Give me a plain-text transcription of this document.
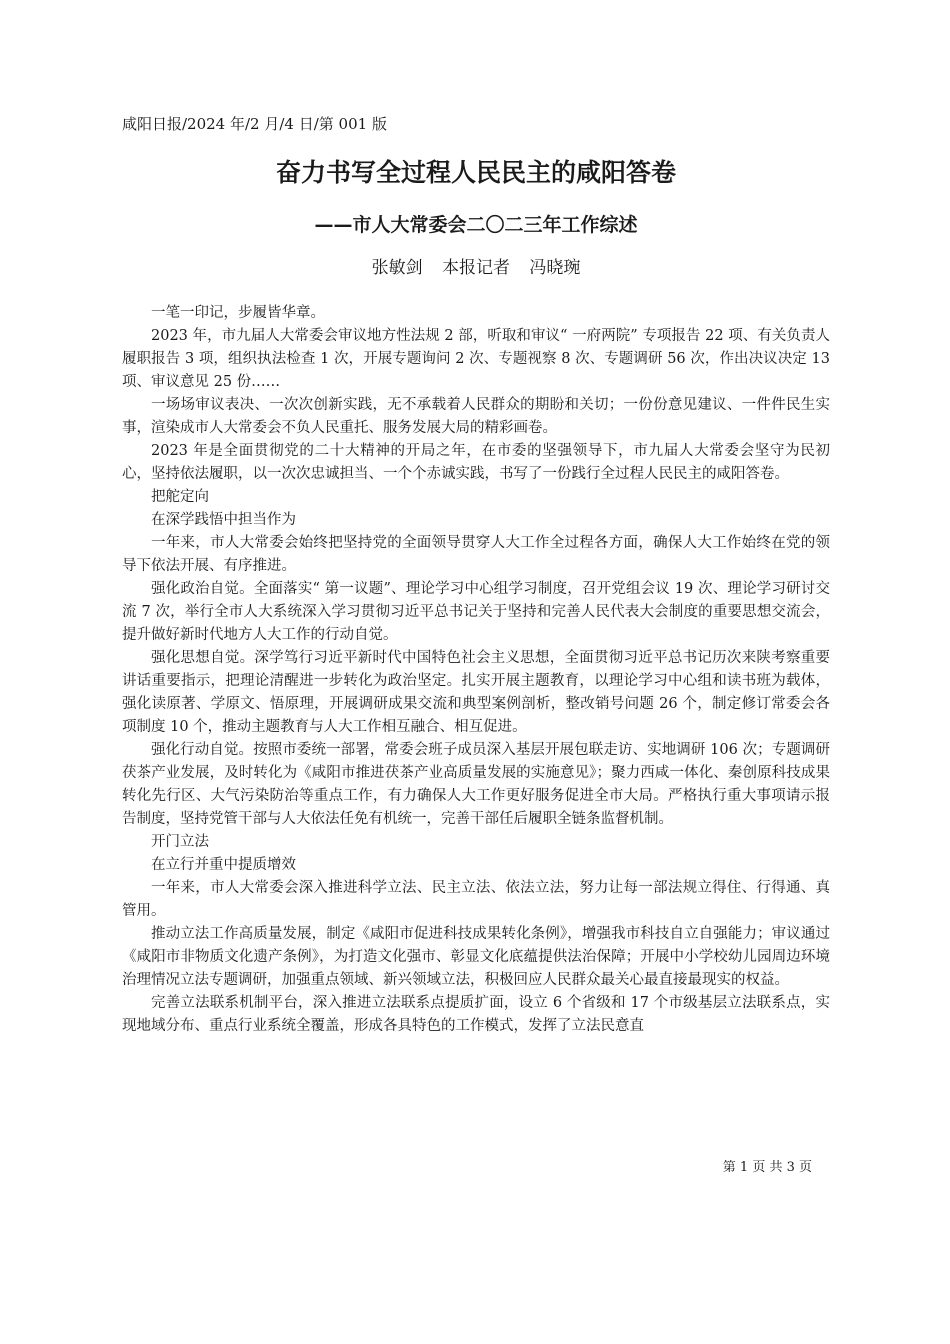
咸阳日报/2024 年/2 月/4 日/第 001 版
奋力书写全过程人民民主的咸阳答卷
——市人大常委会二〇二三年工作综述
张敏剑 本报记者 冯晓琬

一笔一印记，步履皆华章。

2023 年，市九届人大常委会审议地方性法规 2 部，听取和审议“ 一府两院” 专项报告 22 项、有关负责人履职报告 3 项，组织执法检查 1 次，开展专题询问 2 次、专题视察 8 次、专题调研 56 次，作出决议决定 13 项、审议意见 25 份……

一场场审议表决、一次次创新实践，无不承载着人民群众的期盼和关切；一份份意见建议、一件件民生实事，渲染成市人大常委会不负人民重托、服务发展大局的精彩画卷。

2023 年是全面贯彻党的二十大精神的开局之年，在市委的坚强领导下，市九届人大常委会坚守为民初心，坚持依法履职，以一次次忠诚担当、一个个赤诚实践，书写了一份践行全过程人民民主的咸阳答卷。

把舵定向

在深学践悟中担当作为

一年来，市人大常委会始终把坚持党的全面领导贯穿人大工作全过程各方面，确保人大工作始终在党的领导下依法开展、有序推进。

强化政治自觉。全面落实“ 第一议题”、理论学习中心组学习制度，召开党组会议 19 次、理论学习研讨交流 7 次，举行全市人大系统深入学习贯彻习近平总书记关于坚持和完善人民代表大会制度的重要思想交流会，提升做好新时代地方人大工作的行动自觉。

强化思想自觉。深学笃行习近平新时代中国特色社会主义思想，全面贯彻习近平总书记历次来陕考察重要讲话重要指示，把理论清醒进一步转化为政治坚定。扎实开展主题教育，以理论学习中心组和读书班为载体，强化读原著、学原文、悟原理，开展调研成果交流和典型案例剖析，整改销号问题 26 个，制定修订常委会各项制度 10 个，推动主题教育与人大工作相互融合、相互促进。

强化行动自觉。按照市委统一部署，常委会班子成员深入基层开展包联走访、实地调研 106 次；专题调研茯茶产业发展，及时转化为《咸阳市推进茯茶产业高质量发展的实施意见》；聚力西咸一体化、秦创原科技成果转化先行区、大气污染防治等重点工作，有力确保人大工作更好服务促进全市大局。严格执行重大事项请示报告制度，坚持党管干部与人大依法任免有机统一，完善干部任后履职全链条监督机制。

开门立法

在立行并重中提质增效

一年来，市人大常委会深入推进科学立法、民主立法、依法立法，努力让每一部法规立得住、行得通、真管用。

推动立法工作高质量发展，制定《咸阳市促进科技成果转化条例》，增强我市科技自立自强能力；审议通过《咸阳市非物质文化遗产条例》，为打造文化强市、彰显文化底蕴提供法治保障；开展中小学校幼儿园周边环境治理情况立法专题调研，加强重点领域、新兴领域立法，积极回应人民群众最关心最直接最现实的权益。

完善立法联系机制平台，深入推进立法联系点提质扩面，设立 6 个省级和 17 个市级基层立法联系点，实现地域分布、重点行业系统全覆盖，形成各具特色的工作模式，发挥了立法民意直

第 1 页 共 3 页
